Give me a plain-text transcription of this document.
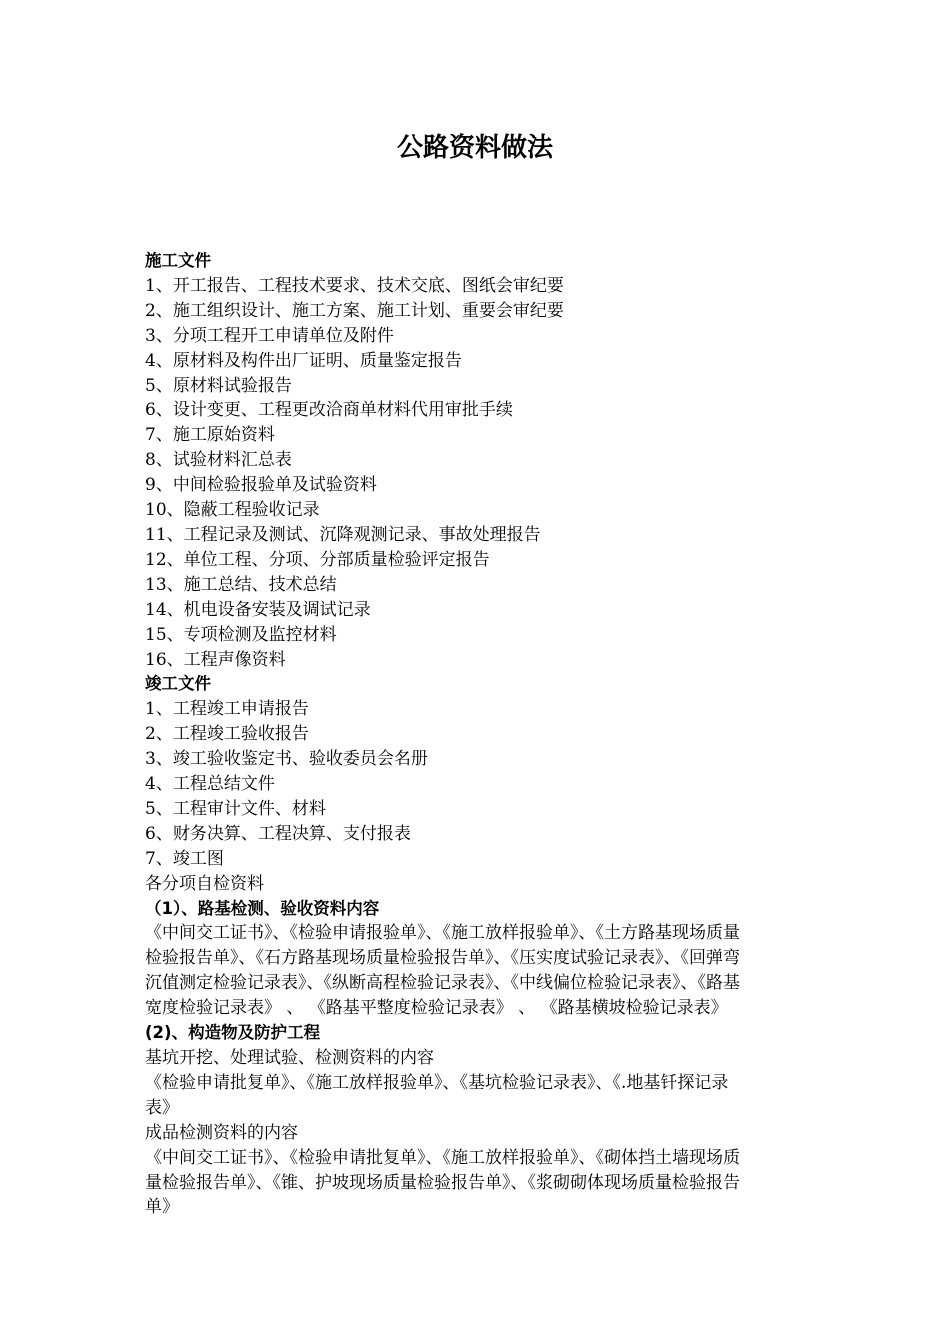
公路资料做法
施工文件
1、开工报告、工程技术要求、技术交底、图纸会审纪要
2、施工组织设计、施工方案、施工计划、重要会审纪要
3、分项工程开工申请单位及附件
4、原材料及构件出厂证明、质量鉴定报告
5、原材料试验报告
6、设计变更、工程更改洽商单材料代用审批手续
7、施工原始资料
8、试验材料汇总表
9、中间检验报验单及试验资料
10、隐蔽工程验收记录
11、工程记录及测试、沉降观测记录、事故处理报告
12、单位工程、分项、分部质量检验评定报告
13、施工总结、技术总结
14、机电设备安装及调试记录
15、专项检测及监控材料
16、工程声像资料
竣工文件
1、工程竣工申请报告
2、工程竣工验收报告
3、竣工验收鉴定书、验收委员会名册
4、工程总结文件
5、工程审计文件、材料
6、财务决算、工程决算、支付报表
7、竣工图
各分项自检资料
（1）、路基检测、验收资料内容
《中间交工证书》、《检验申请报验单》、《施工放样报验单》、《土方路基现场质量
检验报告单》、《石方路基现场质量检验报告单》、《压实度试验记录表》、《回弹弯
沉值测定检验记录表》、《纵断高程检验记录表》、《中线偏位检验记录表》、《路基
宽度检验记录表》 、 《路基平整度检验记录表》 、 《路基横坡检验记录表》
(2)、构造物及防护工程
基坑开挖、处理试验、检测资料的内容
《检验申请批复单》、《施工放样报验单》、《基坑检验记录表》、《.地基钎探记录
表》
成品检测资料的内容
《中间交工证书》、《检验申请批复单》、《施工放样报验单》、《砌体挡土墙现场质
量检验报告单》、《锥、护坡现场质量检验报告单》、《浆砌砌体现场质量检验报告
单》
